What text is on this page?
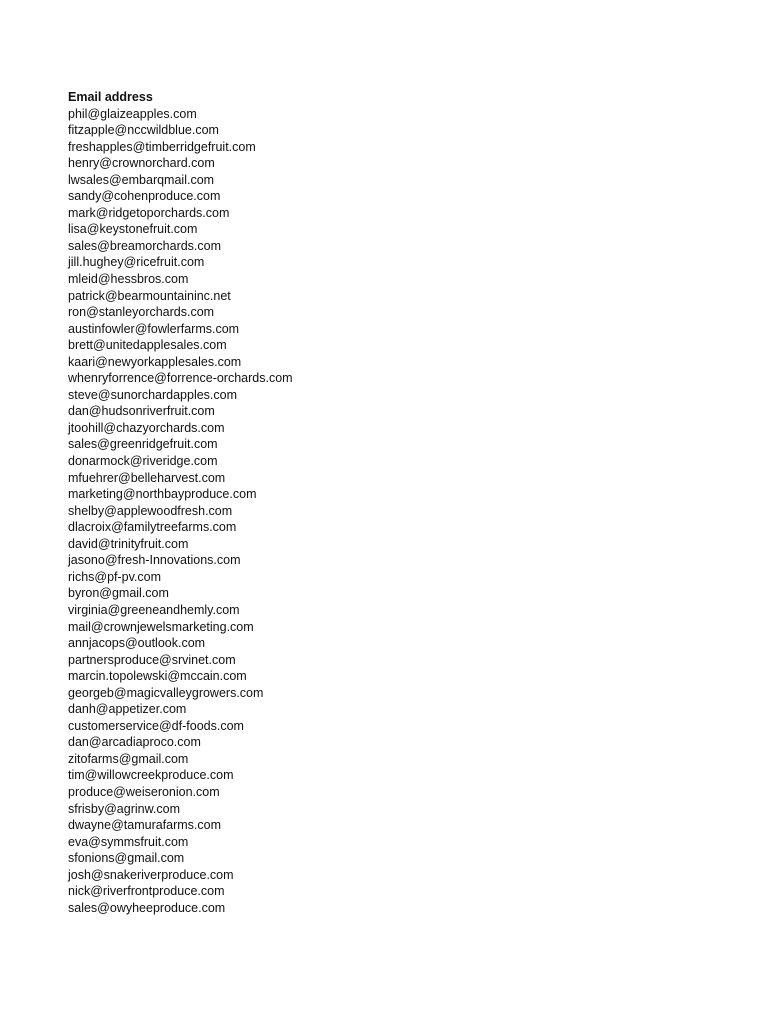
Email address
phil@glaizeapples.com
fitzapple@nccwildblue.com
freshapples@timberridgefruit.com
henry@crownorchard.com
lwsales@embarqmail.com
sandy@cohenproduce.com
mark@ridgetoporchards.com
lisa@keystonefruit.com
sales@breamorchards.com
jill.hughey@ricefruit.com
mleid@hessbros.com
patrick@bearmountaininc.net
ron@stanleyorchards.com
austinfowler@fowlerfarms.com
brett@unitedapplesales.com
kaari@newyorkapplesales.com
whenryforrence@forrence-orchards.com
steve@sunorchardapples.com
dan@hudsonriverfruit.com
jtoohill@chazyorchards.com
sales@greenridgefruit.com
donarmock@riveridge.com
mfuehrer@belleharvest.com
marketing@northbayproduce.com
shelby@applewoodfresh.com
dlacroix@familytreefarms.com
david@trinityfruit.com
jasono@fresh-Innovations.com
richs@pf-pv.com
byron@gmail.com
virginia@greeneandhemly.com
mail@crownjewelsmarketing.com
annjacops@outlook.com
partnersproduce@srvinet.com
marcin.topolewski@mccain.com
georgeb@magicvalleygrowers.com
danh@appetizer.com
customerservice@df-foods.com
dan@arcadiaproco.com
zitofarms@gmail.com
tim@willowcreekproduce.com
produce@weiseronion.com
sfrisby@agrinw.com
dwayne@tamurafarms.com
eva@symmsfruit.com
sfonions@gmail.com
josh@snakeriverproduce.com
nick@riverfrontproduce.com
sales@owyheeproduce.com
